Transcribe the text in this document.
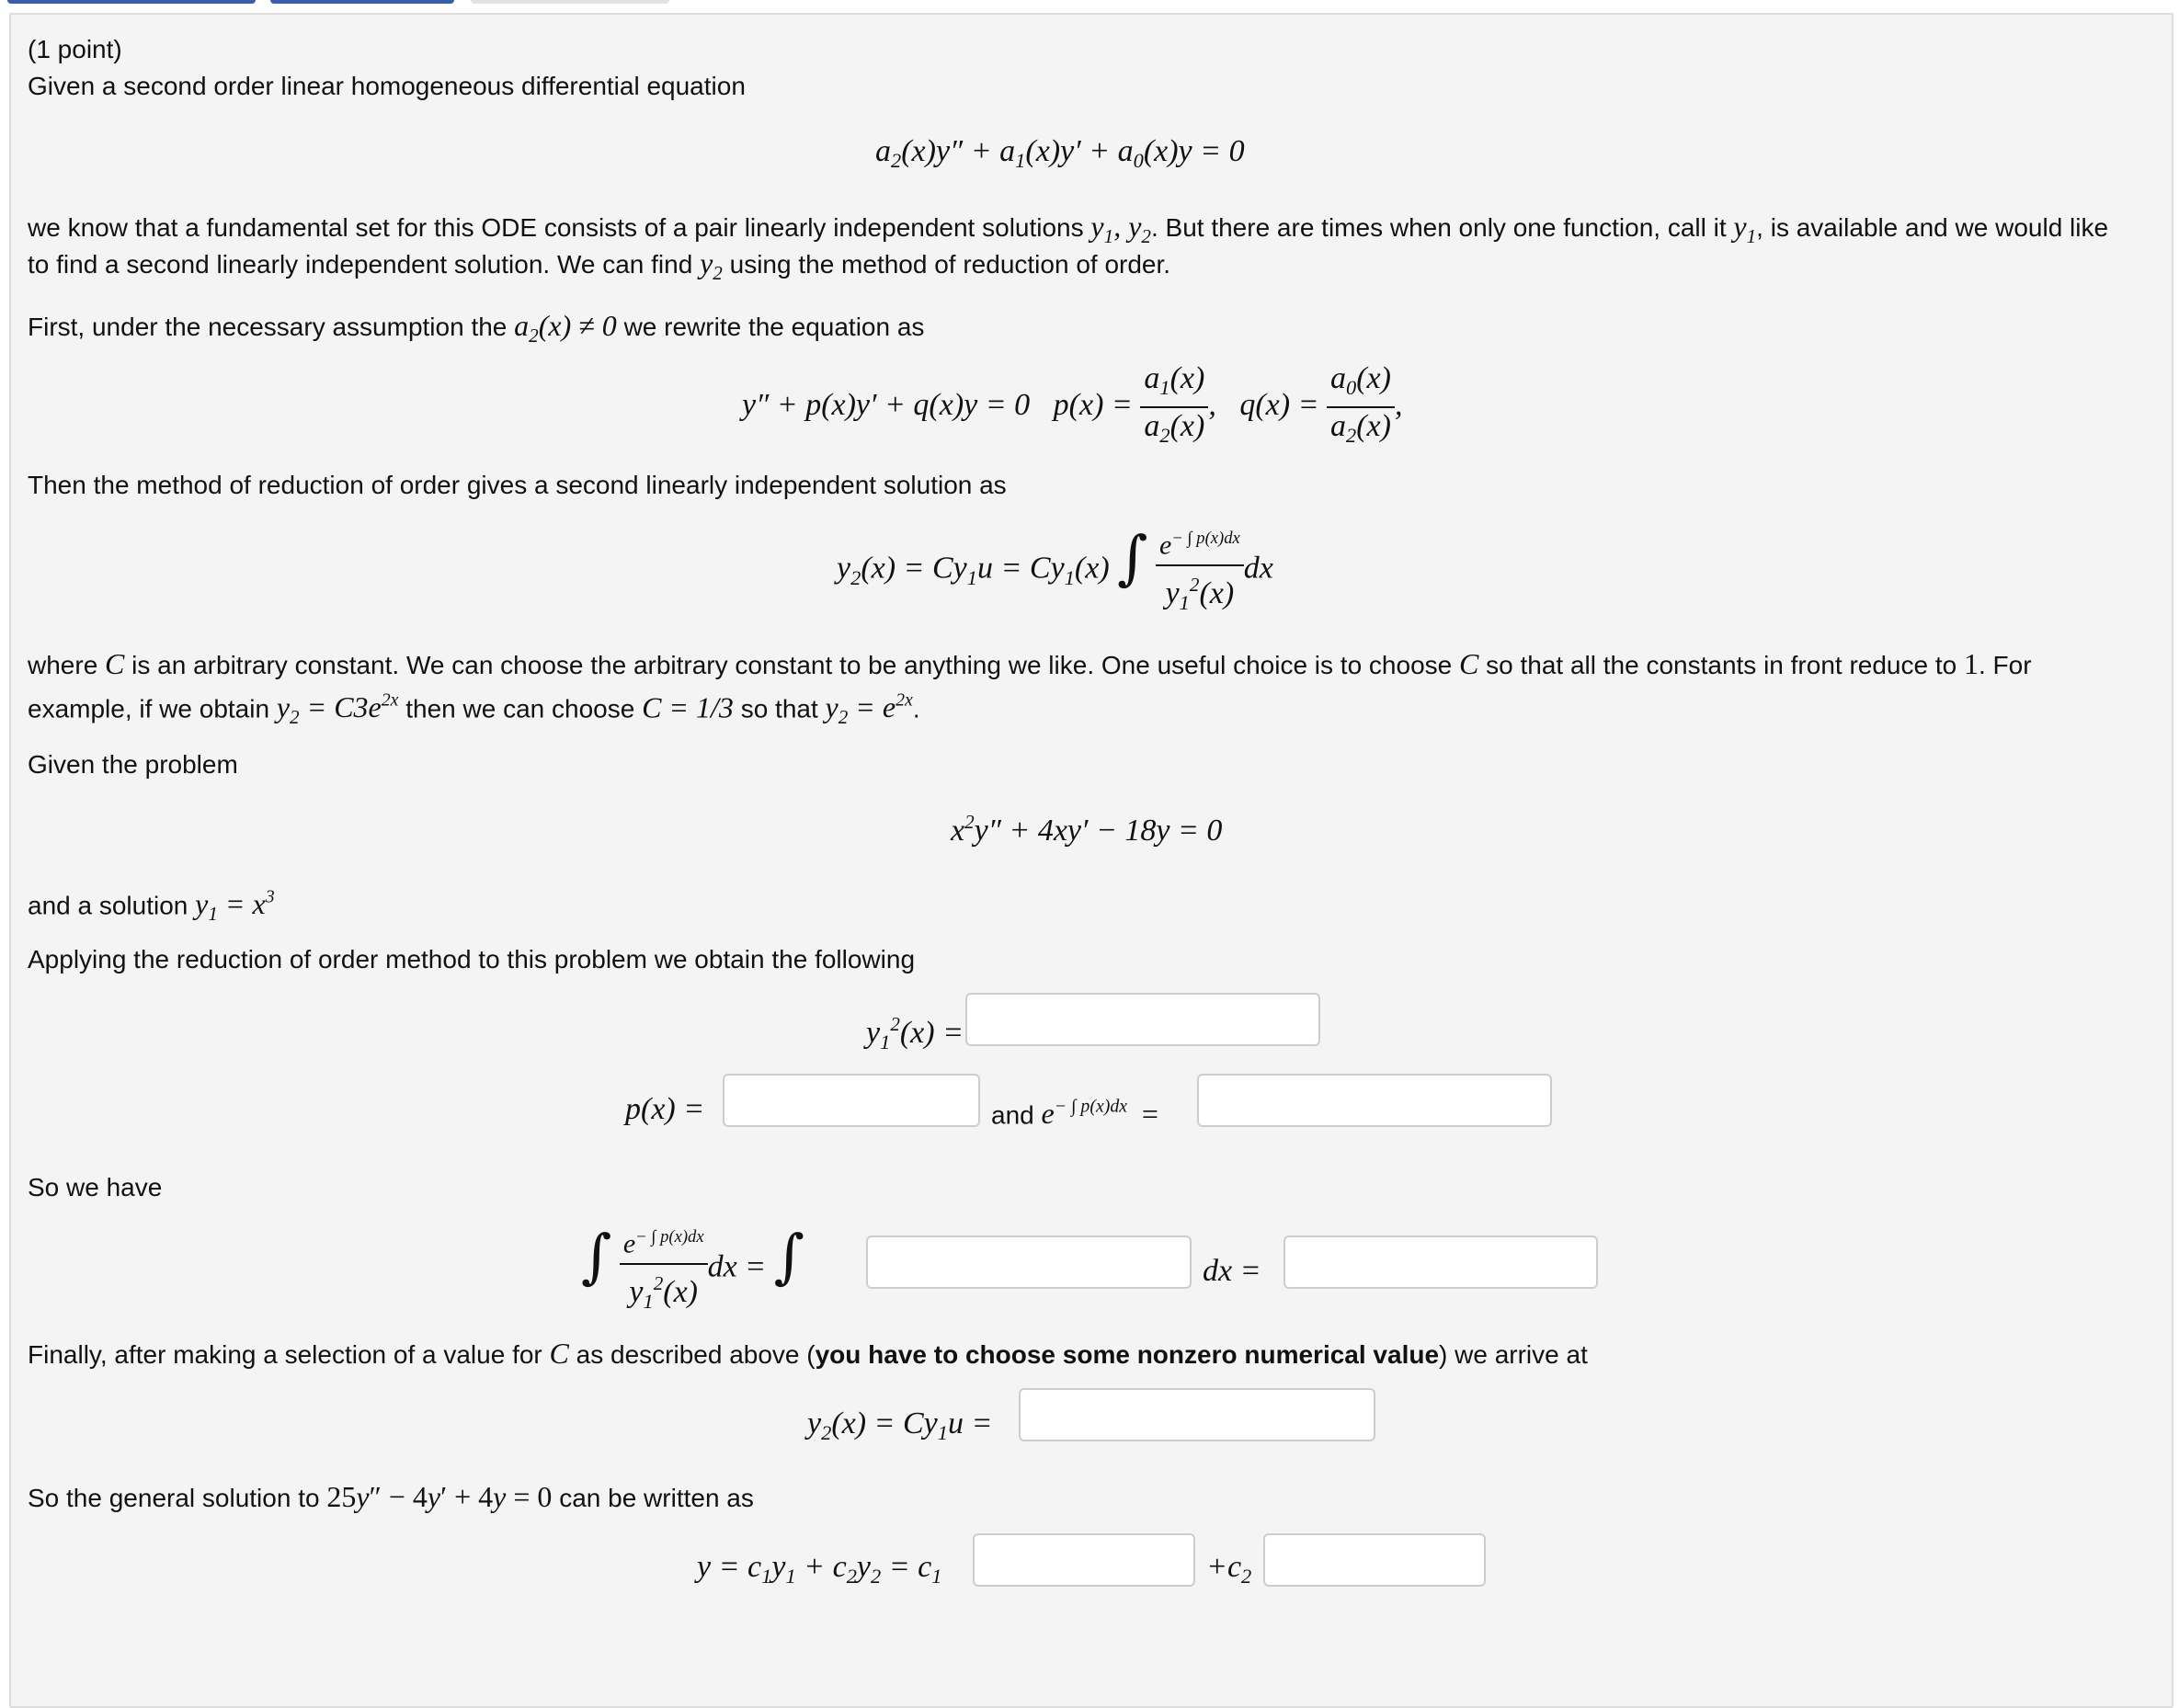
(1 point)
Given a second order linear homogeneous differential equation
$a_2(x)y'' + a_1(x)y' + a_0(x)y = 0$
we know that a fundamental set for this ODE consists of a pair linearly independent solutions $y_1$, $y_2$. But there are times when only one function, call it $y_1$, is available and we would like
to find a second linearly independent solution. We can find $y_2$ using the method of reduction of order.
First, under the necessary assumption the $a_2(x) \ne 0$ we rewrite the equation as
y″ + p(x)y′ + q(x)y = 0   $p(x) = \frac{a_1(x)}{a_2(x)}$ ,   $q(x) = \frac{a_0(x)}{a_2(x)}$ ,
Then the method of reduction of order gives a second linearly independent solution as
$y_2(x) = Cy_1u = Cy_1(x)$ ∫ $\frac{e^{- \int p(x)dx}}{y_1^2(x)}$ dx
where C is an arbitrary constant. We can choose the arbitrary constant to be anything we like. One useful choice is to choose C so that all the constants in front reduce to 1. For
example, if we obtain $y_2 = C3e^{2x}$ then we can choose C = 1/3 so that $y_2 = e^{2x}$.
Given the problem
$x^2y'' + 4xy' - 18y = 0$
and a solution $y_1 = x^3$
Applying the reduction of order method to this problem we obtain the following
$y_1^2(x)$ =
p(x) =	and $e^{- \int p(x)dx}$  =
So we have
∫ $\frac{e^{- \int p(x)dx}}{y_1^2(x)}$ dx = ∫	dx =
Finally, after making a selection of a value for C as described above (you have to choose some nonzero numerical value) we arrive at
$y_2(x) = Cy_1u$ =
So the general solution to 25y″ − 4y′ + 4y = 0 can be written as
$y = c_1y_1 + c_2y_2 = c_1$	$+c_2$
